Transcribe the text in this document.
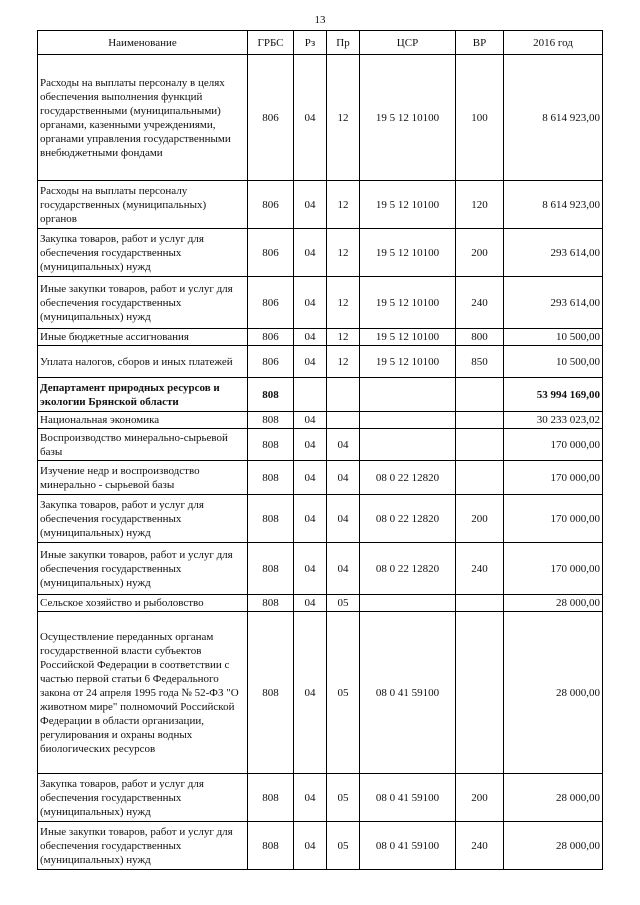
13
Наименование	ГРБС	Рз	Пр	ЦСР	ВР	2016 год
Расходы на выплаты персоналу в целях обеспечения выполнения функций государственными (муниципальными) органами, казенными учреждениями, органами управления государственными внебюджетными фондами	806	04	12	19 5 12 10100	100	8 614 923,00
Расходы на выплаты персоналу государственных (муниципальных) органов	806	04	12	19 5 12 10100	120	8 614 923,00
Закупка товаров, работ и услуг для обеспечения государственных (муниципальных) нужд	806	04	12	19 5 12 10100	200	293 614,00
Иные закупки товаров, работ и услуг для обеспечения государственных (муниципальных) нужд	806	04	12	19 5 12 10100	240	293 614,00
Иные бюджетные ассигнования	806	04	12	19 5 12 10100	800	10 500,00
Уплата налогов, сборов и иных платежей	806	04	12	19 5 12 10100	850	10 500,00
Департамент природных ресурсов и экологии Брянской области	808					53 994 169,00
Национальная экономика	808	04				30 233 023,02
Воспроизводство минерально-сырьевой базы	808	04	04			170 000,00
Изучение недр и воспроизводство минерально - сырьевой базы	808	04	04	08 0 22 12820		170 000,00
Закупка товаров, работ и услуг для обеспечения государственных (муниципальных) нужд	808	04	04	08 0 22 12820	200	170 000,00
Иные закупки товаров, работ и услуг для обеспечения государственных (муниципальных) нужд	808	04	04	08 0 22 12820	240	170 000,00
Сельское хозяйство и рыболовство	808	04	05			28 000,00
Осуществление переданных органам государственной власти субъектов Российской Федерации в соответствии с частью первой статьи 6 Федерального закона от 24 апреля 1995 года № 52-ФЗ "О животном мире" полномочий Российской Федерации в области организации, регулирования и охраны водных биологических ресурсов	808	04	05	08 0 41 59100		28 000,00
Закупка товаров, работ и услуг для обеспечения государственных (муниципальных) нужд	808	04	05	08 0 41 59100	200	28 000,00
Иные закупки товаров, работ и услуг для обеспечения государственных (муниципальных) нужд	808	04	05	08 0 41 59100	240	28 000,00
